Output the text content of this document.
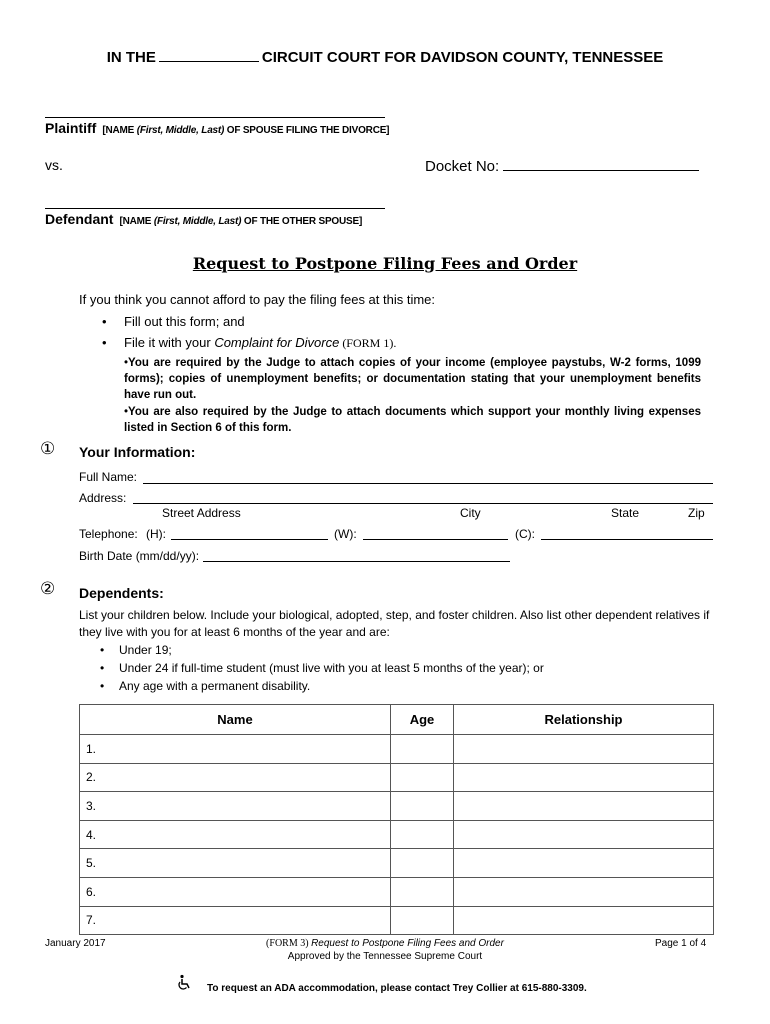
IN THE	CIRCUIT COURT FOR DAVIDSON COUNTY, TENNESSEE
Plaintiff [NAME (First, Middle, Last) OF SPOUSE FILING THE DIVORCE]
vs.	Docket No:
Defendant [NAME (First, Middle, Last) OF THE OTHER SPOUSE]
Request to Postpone Filing Fees and Order
If you think you cannot afford to pay the filing fees at this time:
• Fill out this form; and
• File it with your Complaint for Divorce (FORM 1).
•You are required by the Judge to attach copies of your income (employee paystubs, W-2 forms, 1099 forms); copies of unemployment benefits; or documentation stating that your unemployment benefits have run out.
•You are also required by the Judge to attach documents which support your monthly living expenses listed in Section 6 of this form.
① Your Information:
Full Name:
Address:
Street Address	City	State	Zip
Telephone: (H):	(W):	(C):
Birth Date (mm/dd/yy):
② Dependents:
List your children below. Include your biological, adopted, step, and foster children. Also list other dependent relatives if they live with you for at least 6 months of the year and are:
• Under 19;
• Under 24 if full-time student (must live with you at least 5 months of the year); or
• Any age with a permanent disability.
Name	Age	Relationship
1.		
2.		
3.		
4.		
5.		
6.		
7.		
January 2017	(FORM 3) Request to Postpone Filing Fees and Order
Approved by the Tennessee Supreme Court
Page 1 of 4
To request an ADA accommodation, please contact Trey Collier at 615-880-3309.
